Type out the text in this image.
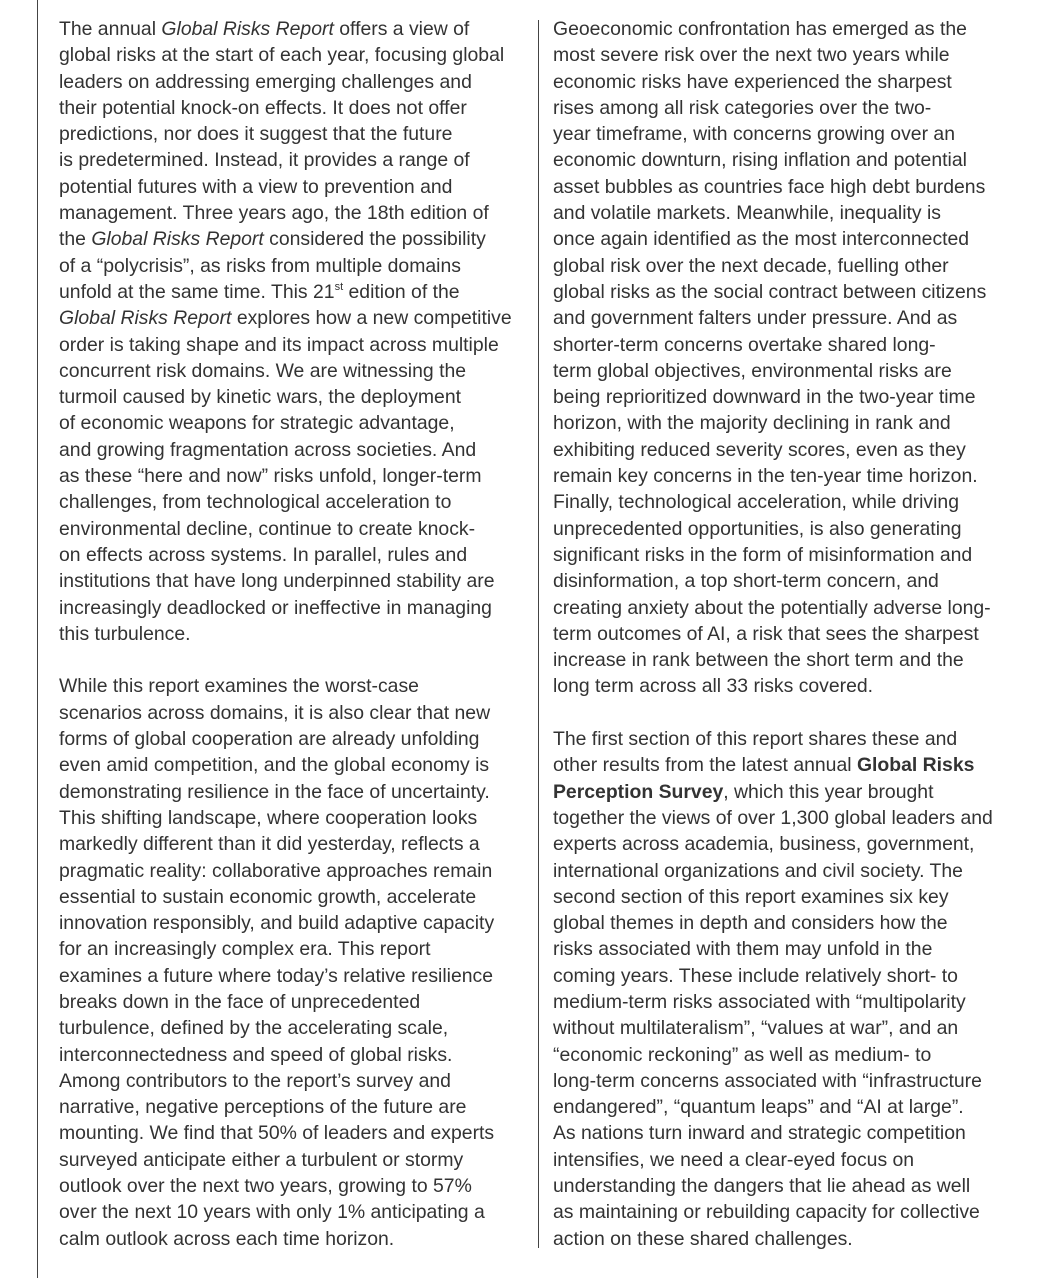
The annual Global Risks Report offers a view of
global risks at the start of each year, focusing global
leaders on addressing emerging challenges and
their potential knock-on effects. It does not offer
predictions, nor does it suggest that the future
is predetermined. Instead, it provides a range of
potential futures with a view to prevention and
management. Three years ago, the 18th edition of
the Global Risks Report considered the possibility
of a “polycrisis”, as risks from multiple domains
unfold at the same time. This 21st edition of the
Global Risks Report explores how a new competitive
order is taking shape and its impact across multiple
concurrent risk domains. We are witnessing the
turmoil caused by kinetic wars, the deployment
of economic weapons for strategic advantage,
and growing fragmentation across societies. And
as these “here and now” risks unfold, longer-term
challenges, from technological acceleration to
environmental decline, continue to create knock-
on effects across systems. In parallel, rules and
institutions that have long underpinned stability are
increasingly deadlocked or ineffective in managing
this turbulence.
While this report examines the worst-case
scenarios across domains, it is also clear that new
forms of global cooperation are already unfolding
even amid competition, and the global economy is
demonstrating resilience in the face of uncertainty.
This shifting landscape, where cooperation looks
markedly different than it did yesterday, reflects a
pragmatic reality: collaborative approaches remain
essential to sustain economic growth, accelerate
innovation responsibly, and build adaptive capacity
for an increasingly complex era. This report
examines a future where today’s relative resilience
breaks down in the face of unprecedented
turbulence, defined by the accelerating scale,
interconnectedness and speed of global risks.
Among contributors to the report’s survey and
narrative, negative perceptions of the future are
mounting. We find that 50% of leaders and experts
surveyed anticipate either a turbulent or stormy
outlook over the next two years, growing to 57%
over the next 10 years with only 1% anticipating a
calm outlook across each time horizon.
Geoeconomic confrontation has emerged as the
most severe risk over the next two years while
economic risks have experienced the sharpest
rises among all risk categories over the two-
year timeframe, with concerns growing over an
economic downturn, rising inflation and potential
asset bubbles as countries face high debt burdens
and volatile markets. Meanwhile, inequality is
once again identified as the most interconnected
global risk over the next decade, fuelling other
global risks as the social contract between citizens
and government falters under pressure. And as
shorter-term concerns overtake shared long-
term global objectives, environmental risks are
being reprioritized downward in the two-year time
horizon, with the majority declining in rank and
exhibiting reduced severity scores, even as they
remain key concerns in the ten-year time horizon.
Finally, technological acceleration, while driving
unprecedented opportunities, is also generating
significant risks in the form of misinformation and
disinformation, a top short-term concern, and
creating anxiety about the potentially adverse long-
term outcomes of AI, a risk that sees the sharpest
increase in rank between the short term and the
long term across all 33 risks covered.
The first section of this report shares these and
other results from the latest annual Global Risks
Perception Survey, which this year brought
together the views of over 1,300 global leaders and
experts across academia, business, government,
international organizations and civil society. The
second section of this report examines six key
global themes in depth and considers how the
risks associated with them may unfold in the
coming years. These include relatively short- to
medium-term risks associated with “multipolarity
without multilateralism”, “values at war”, and an
“economic reckoning” as well as medium- to
long-term concerns associated with “infrastructure
endangered”, “quantum leaps” and “AI at large”.
As nations turn inward and strategic competition
intensifies, we need a clear-eyed focus on
understanding the dangers that lie ahead as well
as maintaining or rebuilding capacity for collective
action on these shared challenges.
